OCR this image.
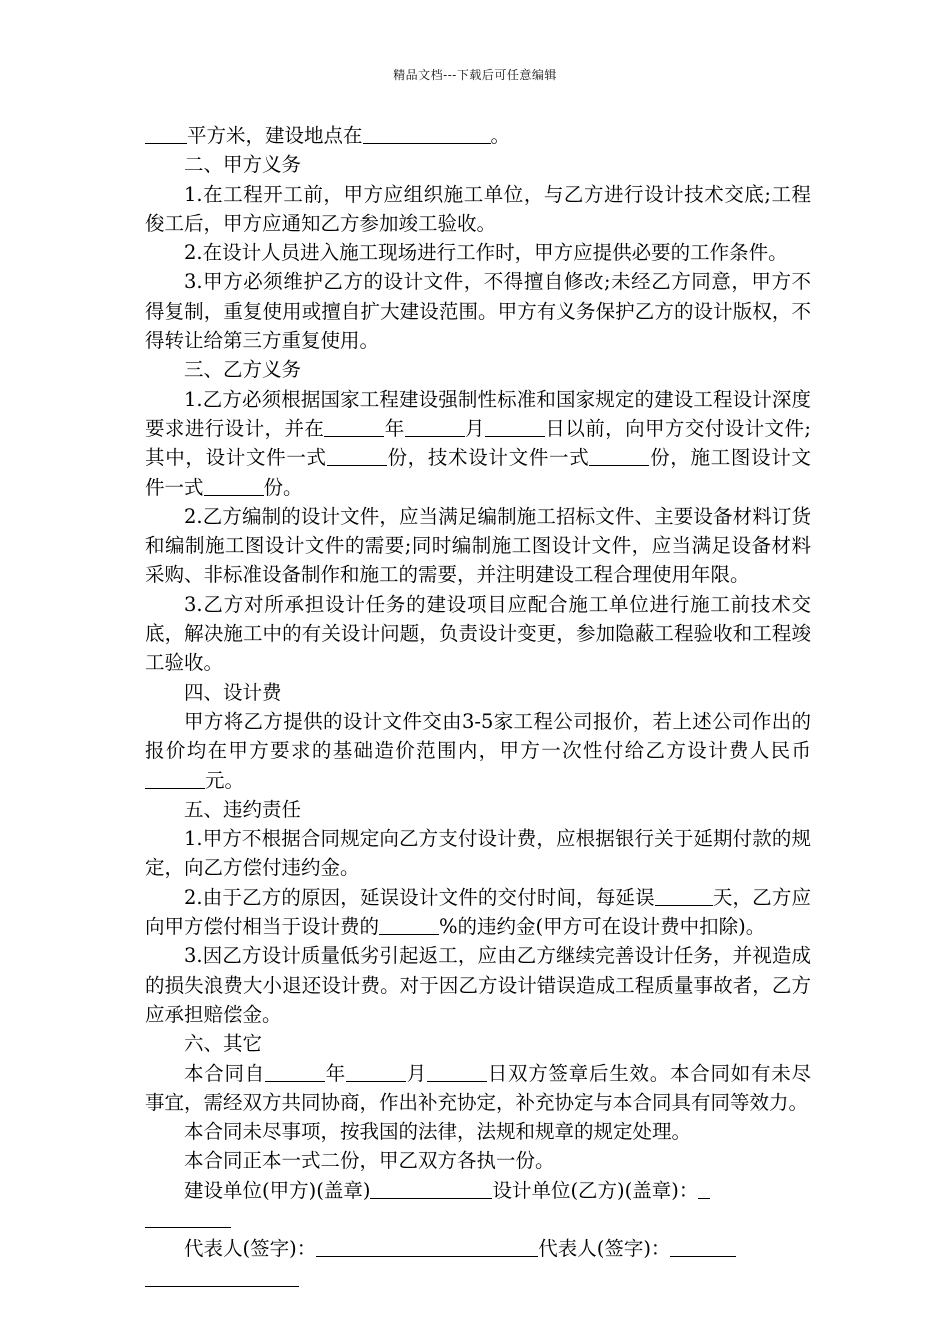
精品文档---下载后可任意编辑

平方米，建设地点在	。

二、甲方义务

1.在工程开工前，甲方应组织施工单位，与乙方进行设计技术交底;工程俊工后，甲方应通知乙方参加竣工验收。

2.在设计人员进入施工现场进行工作时，甲方应提供必要的工作条件。

3.甲方必须维护乙方的设计文件，不得擅自修改;未经乙方同意，甲方不得复制，重复使用或擅自扩大建设范围。甲方有义务保护乙方的设计版权，不得转让给第三方重复使用。

三、乙方义务

1.乙方必须根据国家工程建设强制性标准和国家规定的建设工程设计深度要求进行设计，并在	年	月	日以前，向甲方交付设计文件;其中，设计文件一式	份，技术设计文件一式	份，施工图设计文件一式	份。

2.乙方编制的设计文件，应当满足编制施工招标文件、主要设备材料订货和编制施工图设计文件的需要;同时编制施工图设计文件，应当满足设备材料采购、非标准设备制作和施工的需要，并注明建设工程合理使用年限。

3.乙方对所承担设计任务的建设项目应配合施工单位进行施工前技术交底，解决施工中的有关设计问题，负责设计变更，参加隐蔽工程验收和工程竣工验收。

四、设计费

甲方将乙方提供的设计文件交由3-5家工程公司报价，若上述公司作出的报价均在甲方要求的基础造价范围内，甲方一次性付给乙方设计费人民币元。

五、违约责任

1.甲方不根据合同规定向乙方支付设计费，应根据银行关于延期付款的规定，向乙方偿付违约金。

2.由于乙方的原因，延误设计文件的交付时间，每延误	天，乙方应向甲方偿付相当于设计费的	%的违约金(甲方可在设计费中扣除)。

3.因乙方设计质量低劣引起返工，应由乙方继续完善设计任务，并视造成的损失浪费大小退还设计费。对于因乙方设计错误造成工程质量事故者，乙方应承担赔偿金。

六、其它

本合同自	年	月	日双方签章后生效。本合同如有未尽事宜，需经双方共同协商，作出补充协定，补充协定与本合同具有同等效力。

本合同未尽事项，按我国的法律，法规和规章的规定处理。

本合同正本一式二份，甲乙双方各执一份。

建设单位(甲方)(盖章)	设计单位(乙方)(盖章)：

代表人(签字)：	代表人(签字)：
